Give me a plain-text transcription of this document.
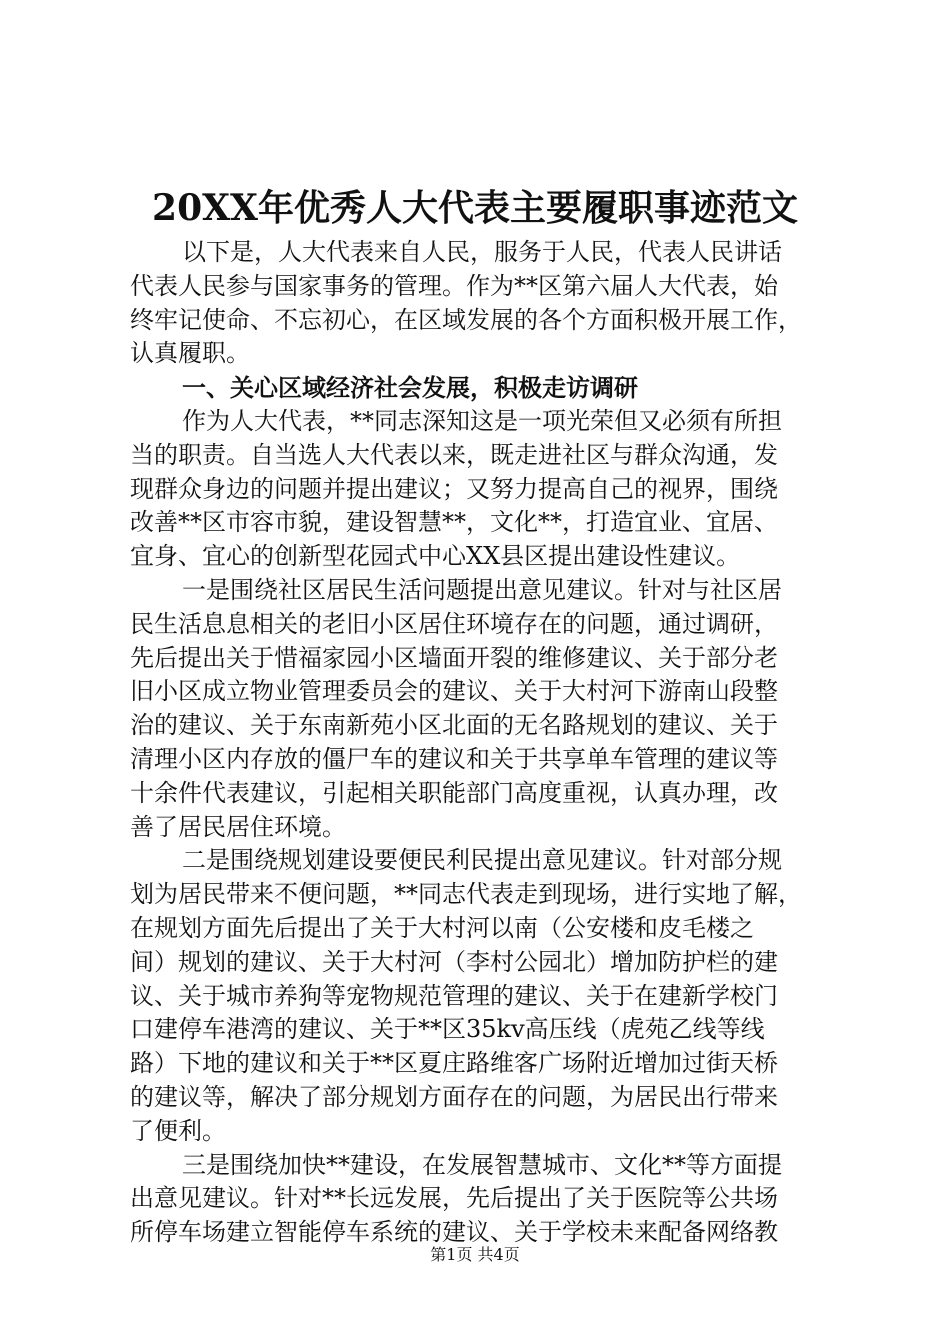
20XX年优秀人大代表主要履职事迹范文
以下是，人大代表来自人民，服务于人民，代表人民讲话
代表人民参与国家事务的管理。作为**区第六届人大代表，始
终牢记使命、不忘初心，在区域发展的各个方面积极开展工作，
认真履职。
一、关心区域经济社会发展，积极走访调研
作为人大代表，**同志深知这是一项光荣但又必须有所担
当的职责。自当选人大代表以来，既走进社区与群众沟通，发
现群众身边的问题并提出建议；又努力提高自己的视界，围绕
改善**区市容市貌，建设智慧**，文化**，打造宜业、宜居、
宜身、宜心的创新型花园式中心XX县区提出建设性建议。
一是围绕社区居民生活问题提出意见建议。针对与社区居
民生活息息相关的老旧小区居住环境存在的问题，通过调研，
先后提出关于惜福家园小区墙面开裂的维修建议、关于部分老
旧小区成立物业管理委员会的建议、关于大村河下游南山段整
治的建议、关于东南新苑小区北面的无名路规划的建议、关于
清理小区内存放的僵尸车的建议和关于共享单车管理的建议等
十余件代表建议，引起相关职能部门高度重视，认真办理，改
善了居民居住环境。
二是围绕规划建设要便民利民提出意见建议。针对部分规
划为居民带来不便问题，**同志代表走到现场，进行实地了解，
在规划方面先后提出了关于大村河以南（公安楼和皮毛楼之
间）规划的建议、关于大村河（李村公园北）增加防护栏的建
议、关于城市养狗等宠物规范管理的建议、关于在建新学校门
口建停车港湾的建议、关于**区35kv高压线（虎苑乙线等线
路）下地的建议和关于**区夏庄路维客广场附近增加过街天桥
的建议等，解决了部分规划方面存在的问题，为居民出行带来
了便利。
三是围绕加快**建设，在发展智慧城市、文化**等方面提
出意见建议。针对**长远发展，先后提出了关于医院等公共场
所停车场建立智能停车系统的建议、关于学校未来配备网络教
第1页 共4页
